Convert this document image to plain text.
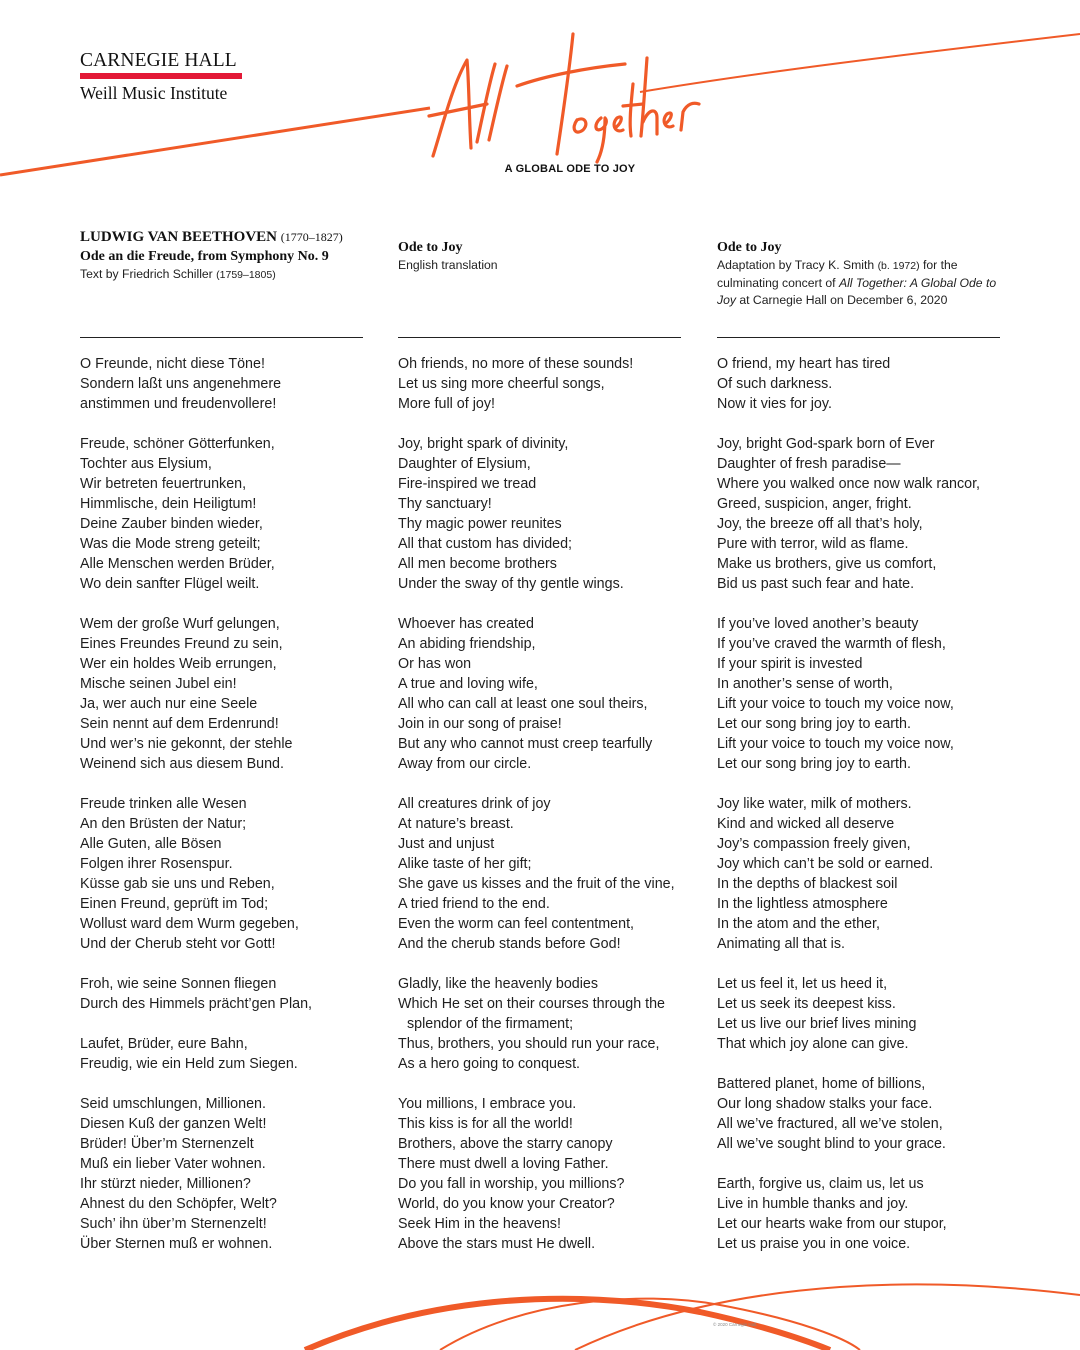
CARNEGIE HALL
Weill Music Institute
A GLOBAL ODE TO JOY
LUDWIG VAN BEETHOVEN (1770–1827)
Ode an die Freude, from Symphony No. 9
Text by Friedrich Schiller (1759–1805)
O Freunde, nicht diese Töne!
Sondern laßt uns angenehmere
anstimmen und freudenvollere!
Freude, schöner Götterfunken,
Tochter aus Elysium,
Wir betreten feuertrunken,
Himmlische, dein Heiligtum!
Deine Zauber binden wieder,
Was die Mode streng geteilt;
Alle Menschen werden Brüder,
Wo dein sanfter Flügel weilt.
Wem der große Wurf gelungen,
Eines Freundes Freund zu sein,
Wer ein holdes Weib errungen,
Mische seinen Jubel ein!
Ja, wer auch nur eine Seele
Sein nennt auf dem Erdenrund!
Und wer’s nie gekonnt, der stehle
Weinend sich aus diesem Bund.
Freude trinken alle Wesen
An den Brüsten der Natur;
Alle Guten, alle Bösen
Folgen ihrer Rosenspur.
Küsse gab sie uns und Reben,
Einen Freund, geprüft im Tod;
Wollust ward dem Wurm gegeben,
Und der Cherub steht vor Gott!
Froh, wie seine Sonnen fliegen
Durch des Himmels prächt’gen Plan,
Laufet, Brüder, eure Bahn,
Freudig, wie ein Held zum Siegen.
Seid umschlungen, Millionen.
Diesen Kuß der ganzen Welt!
Brüder! Über’m Sternenzelt
Muß ein lieber Vater wohnen.
Ihr stürzt nieder, Millionen?
Ahnest du den Schöpfer, Welt?
Such’ ihn über’m Sternenzelt!
Über Sternen muß er wohnen.
Ode to Joy
English translation
Oh friends, no more of these sounds!
Let us sing more cheerful songs,
More full of joy!
Joy, bright spark of divinity,
Daughter of Elysium,
Fire-inspired we tread
Thy sanctuary!
Thy magic power reunites
All that custom has divided;
All men become brothers
Under the sway of thy gentle wings.
Whoever has created
An abiding friendship,
Or has won
A true and loving wife,
All who can call at least one soul theirs,
Join in our song of praise!
But any who cannot must creep tearfully
Away from our circle.
All creatures drink of joy
At nature’s breast.
Just and unjust
Alike taste of her gift;
She gave us kisses and the fruit of the vine,
A tried friend to the end.
Even the worm can feel contentment,
And the cherub stands before God!
Gladly, like the heavenly bodies
Which He set on their courses through the
splendor of the firmament;
Thus, brothers, you should run your race,
As a hero going to conquest.
You millions, I embrace you.
This kiss is for all the world!
Brothers, above the starry canopy
There must dwell a loving Father.
Do you fall in worship, you millions?
World, do you know your Creator?
Seek Him in the heavens!
Above the stars must He dwell.
Ode to Joy
Adaptation by Tracy K. Smith (b. 1972) for the culminating concert of All Together: A Global Ode to Joy at Carnegie Hall on December 6, 2020
O friend, my heart has tired
Of such darkness.
Now it vies for joy.
Joy, bright God-spark born of Ever
Daughter of fresh paradise—
Where you walked once now walk rancor,
Greed, suspicion, anger, fright.
Joy, the breeze off all that’s holy,
Pure with terror, wild as flame.
Make us brothers, give us comfort,
Bid us past such fear and hate.
If you’ve loved another’s beauty
If you’ve craved the warmth of flesh,
If your spirit is invested
In another’s sense of worth,
Lift your voice to touch my voice now,
Let our song bring joy to earth.
Lift your voice to touch my voice now,
Let our song bring joy to earth.
Joy like water, milk of mothers.
Kind and wicked all deserve
Joy’s compassion freely given,
Joy which can’t be sold or earned.
In the depths of blackest soil
In the lightless atmosphere
In the atom and the ether,
Animating all that is.
Let us feel it, let us heed it,
Let us seek its deepest kiss.
Let us live our brief lives mining
That which joy alone can give.
Battered planet, home of billions,
Our long shadow stalks your face.
All we’ve fractured, all we’ve stolen,
All we’ve sought blind to your grace.
Earth, forgive us, claim us, let us
Live in humble thanks and joy.
Let our hearts wake from our stupor,
Let us praise you in one voice.
© 2020 Carnegie Hall.
